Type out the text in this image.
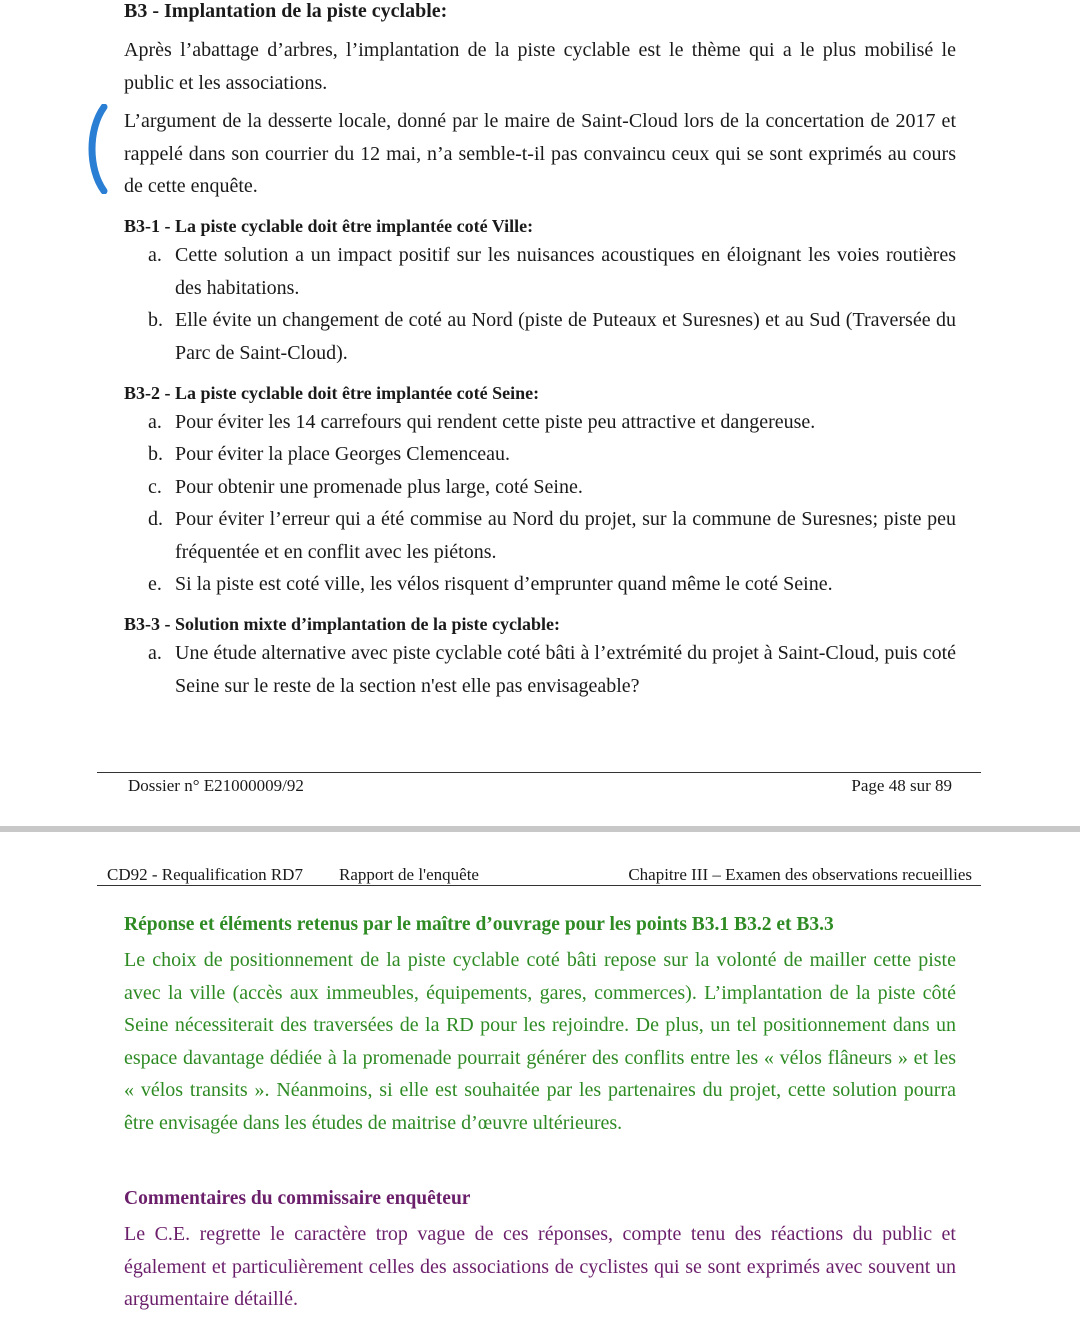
B3 - Implantation de la piste cyclable:
Après l’abattage d’arbres, l’implantation de la piste cyclable est le thème qui a le plus mobilisé le public et les associations.
L’argument de la desserte locale, donné par le maire de Saint-Cloud lors de la concertation de 2017 et rappelé dans son courrier du 12 mai, n’a semble-t-il pas convaincu ceux qui se sont exprimés au cours de cette enquête.
B3-1 - La piste cyclable doit être implantée coté Ville:
a. Cette solution a un impact positif sur les nuisances acoustiques en éloignant les voies routières des habitations.
b. Elle évite un changement de coté au Nord (piste de Puteaux et Suresnes) et au Sud (Traversée du Parc de Saint-Cloud).
B3-2 - La piste cyclable doit être implantée coté Seine:
a. Pour éviter les 14 carrefours qui rendent cette piste peu attractive et dangereuse.
b. Pour éviter la place Georges Clemenceau.
c. Pour obtenir une promenade plus large, coté Seine.
d. Pour éviter l’erreur qui a été commise au Nord du projet, sur la commune de Suresnes; piste peu fréquentée et en conflit avec les piétons.
e. Si la piste est coté ville, les vélos risquent d’emprunter quand même le coté Seine.
B3-3 - Solution mixte d’implantation de la piste cyclable:
a. Une étude alternative avec piste cyclable coté bâti à l’extrémité du projet à Saint-Cloud, puis coté Seine sur le reste de la section n'est elle pas envisageable?
Dossier n° E21000009/92	Page 48 sur 89
CD92 - Requalification RD7 Rapport de l'enquête	Chapitre III – Examen des observations recueillies
Réponse et éléments retenus par le maître d’ouvrage pour les points B3.1 B3.2 et B3.3
Le choix de positionnement de la piste cyclable coté bâti repose sur la volonté de mailler cette piste avec la ville (accès aux immeubles, équipements, gares, commerces). L’implantation de la piste côté Seine nécessiterait des traversées de la RD pour les rejoindre. De plus, un tel positionnement dans un espace davantage dédiée à la promenade pourrait générer des conflits entre les « vélos flâneurs » et les « vélos transits ». Néanmoins, si elle est souhaitée par les partenaires du projet, cette solution pourra être envisagée dans les études de maitrise d’œuvre ultérieures.
Commentaires du commissaire enquêteur
Le C.E. regrette le caractère trop vague de ces réponses, compte tenu des réactions du public et également et particulièrement celles des associations de cyclistes qui se sont exprimés avec souvent un argumentaire détaillé.
